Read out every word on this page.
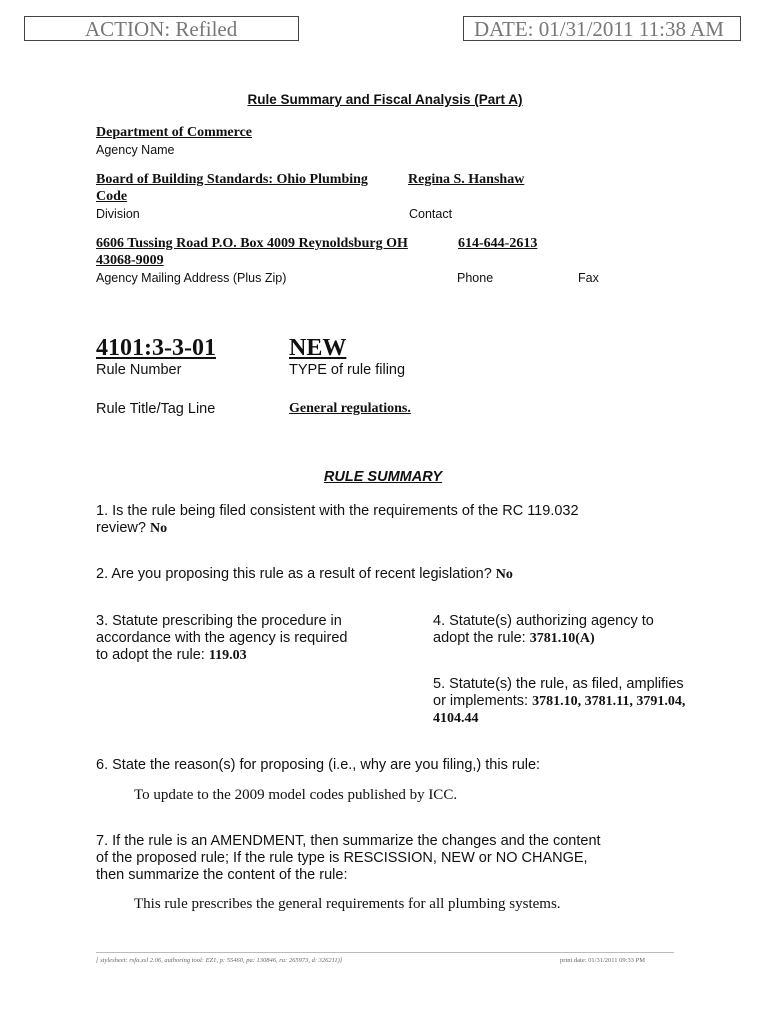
ACTION: Refiled	DATE: 01/31/2011 11:38 AM
Rule Summary and Fiscal Analysis (Part A)
Department of Commerce
Agency Name
Board of Building Standards: Ohio Plumbing
Code
Regina S. Hanshaw
Division	Contact
6606 Tussing Road P.O. Box 4009 Reynoldsburg OH
43068-9009
614-644-2613
Agency Mailing Address (Plus Zip)	Phone	Fax
4101:3-3-01	NEW
Rule Number	TYPE of rule filing
Rule Title/Tag Line	General regulations.
RULE SUMMARY
1. Is the rule being filed consistent with the requirements of the RC 119.032
review? No
2. Are you proposing this rule as a result of recent legislation? No
3. Statute prescribing the procedure in
accordance with the agency is required
to adopt the rule: 119.03
4. Statute(s) authorizing agency to
adopt the rule: 3781.10(A)
5. Statute(s) the rule, as filed, amplifies
or implements: 3781.10, 3781.11, 3791.04,
4104.44
6. State the reason(s) for proposing (i.e., why are you filing,) this rule:
To update to the 2009 model codes published by ICC.
7. If the rule is an AMENDMENT, then summarize the changes and the content
of the proposed rule; If the rule type is RESCISSION, NEW or NO CHANGE,
then summarize the content of the rule:
This rule prescribes the general requirements for all plumbing systems.
[ stylesheet: rsfa.xsl 2.06, authoring tool: EZ1, p: 55460, pa: 130846, ra: 265973, d: 326211)]	print date: 01/31/2011 09:33 PM
